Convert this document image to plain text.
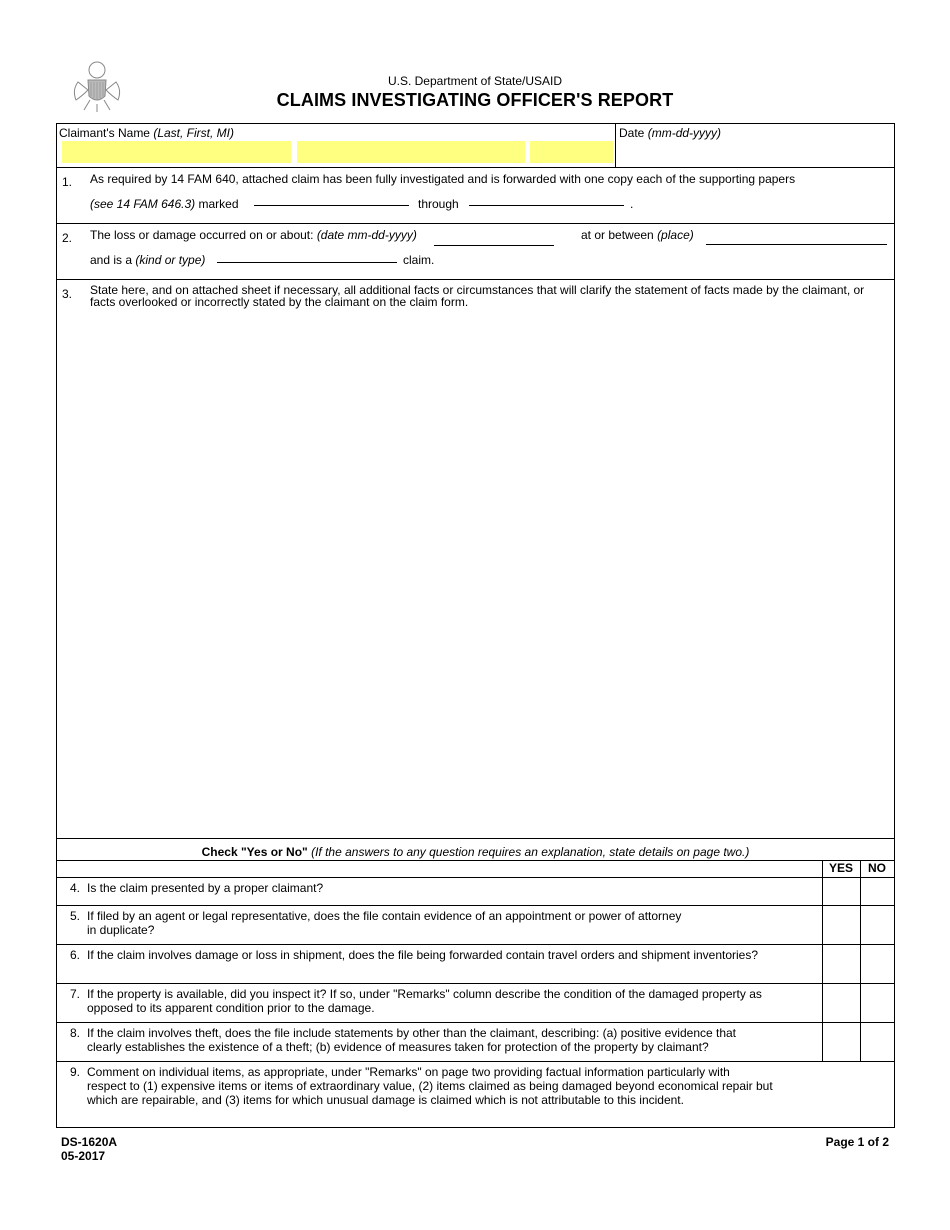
U.S. Department of State/USAID
CLAIMS INVESTIGATING OFFICER'S REPORT
Claimant's Name (Last, First, MI)	Date (mm-dd-yyyy)
1. As required by 14 FAM 640, attached claim has been fully investigated and is forwarded with one copy each of the supporting papers
(see 14 FAM 646.3) marked	through	.
2. The loss or damage occurred on or about: (date mm-dd-yyyy)	at or between (place)
and is a (kind or type)	claim.
3. State here, and on attached sheet if necessary, all additional facts or circumstances that will clarify the statement of facts made by the claimant, or facts overlooked or incorrectly stated by the claimant on the claim form.
Check "Yes or No" (If the answers to any question requires an explanation, state details on page two.)
YES	NO
4. Is the claim presented by a proper claimant?
5. If filed by an agent or legal representative, does the file contain evidence of an appointment or power of attorney
in duplicate?
6. If the claim involves damage or loss in shipment, does the file being forwarded contain travel orders and shipment inventories?
7. If the property is available, did you inspect it? If so, under "Remarks" column describe the condition of the damaged property as
opposed to its apparent condition prior to the damage.
8. If the claim involves theft, does the file include statements by other than the claimant, describing: (a) positive evidence that
clearly establishes the existence of a theft; (b) evidence of measures taken for protection of the property by claimant?
9. Comment on individual items, as appropriate, under "Remarks" on page two providing factual information particularly with
respect to (1) expensive items or items of extraordinary value, (2) items claimed as being damaged beyond economical repair but
which are repairable, and (3) items for which unusual damage is claimed which is not attributable to this incident.
DS-1620A
05-2017
Page 1 of 2
